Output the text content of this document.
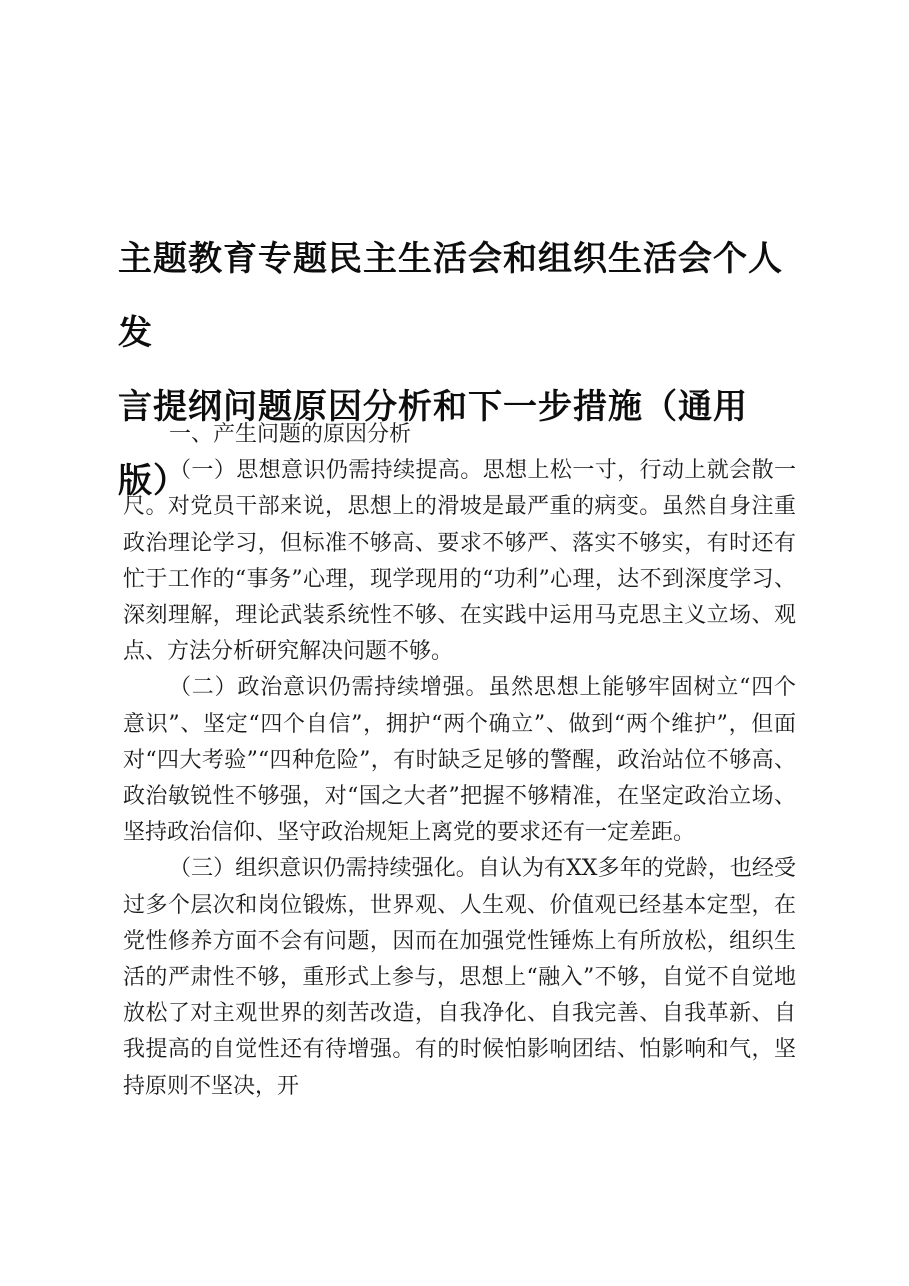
主题教育专题民主生活会和组织生活会个人发
言提纲问题原因分析和下一步措施（通用版）

一、产生问题的原因分析

（一）思想意识仍需持续提高。思想上松一寸，行动上就会散一尺。对党员干部来说，思想上的滑坡是最严重的病变。虽然自身注重政治理论学习，但标准不够高、要求不够严、落实不够实，有时还有忙于工作的“事务”心理，现学现用的“功利”心理，达不到深度学习、深刻理解，理论武装系统性不够、在实践中运用马克思主义立场、观点、方法分析研究解决问题不够。

（二）政治意识仍需持续增强。虽然思想上能够牢固树立“四个意识”、坚定“四个自信”，拥护“两个确立”、做到“两个维护”，但面对“四大考验”“四种危险”，有时缺乏足够的警醒，政治站位不够高、政治敏锐性不够强，对“国之大者”把握不够精准，在坚定政治立场、坚持政治信仰、坚守政治规矩上离党的要求还有一定差距。

（三）组织意识仍需持续强化。自认为有XX多年的党龄，也经受过多个层次和岗位锻炼，世界观、人生观、价值观已经基本定型，在党性修养方面不会有问题，因而在加强党性锤炼上有所放松，组织生活的严肃性不够，重形式上参与，思想上“融入”不够，自觉不自觉地放松了对主观世界的刻苦改造，自我净化、自我完善、自我革新、自我提高的自觉性还有待增强。有的时候怕影响团结、怕影响和气，坚持原则不坚决，开
